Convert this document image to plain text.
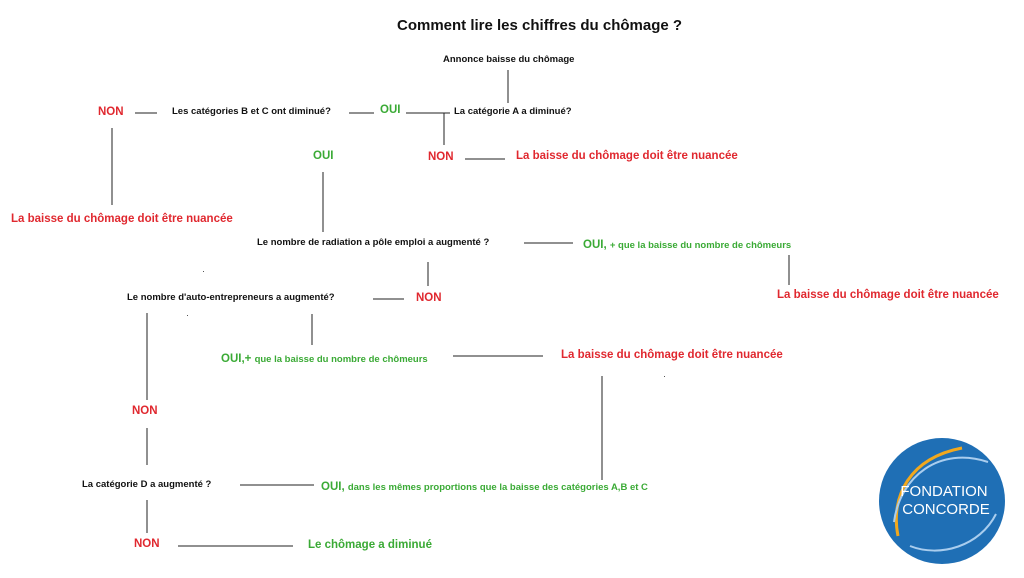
Comment lire les chiffres du chômage ?
Annonce baisse du chômage
La catégorie A a diminué?
Les catégories B et C ont diminué?
Le nombre de radiation a pôle emploi a augmenté ?
Le nombre d'auto-entrepreneurs a augmenté?
La catégorie D a augmenté ?
NON	OUI
OUI	NON
NON
NON
NON
OUI, + que la baisse du nombre de chômeurs
OUI,+ que la baisse du nombre de chômeurs
OUI, dans les mêmes proportions que la baisse des catégories A,B et C
La baisse du chômage doit être nuancée
La baisse du chômage doit être nuancée
La baisse du chômage doit être nuancée
La baisse du chômage doit être nuancée
Le chômage a diminué
FONDATION
CONCORDE
